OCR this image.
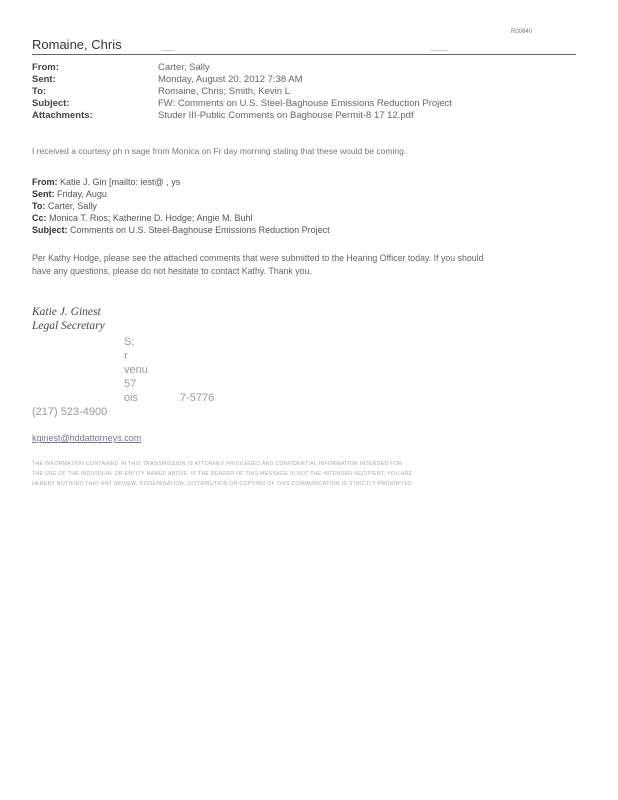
R00840
Romaine, Chris
From:	Carter, Sally
Sent:	Monday, August 20, 2012 7:38 AM
To:	Romaine, Chris; Smith, Kevin L
Subject:	FW: Comments on U.S. Steel-Baghouse Emissions Reduction Project
Attachments:	Studer III-Public Comments on Baghouse Permit-8 17 12.pdf
I received a courtesy ph n sage from Monica on Fr day morning stating that these would be coming.
From: Katie J. Gin [mailto: iest@ , ys
Sent: Friday, Augu
To: Carter, Sally
Cc: Monica T. Rios; Katherine D. Hodge; Angie M. Buhl
Subject: Comments on U.S. Steel-Baghouse Emissions Reduction Project
Per Kathy Hodge, please see the attached comments that were submitted to the Hearing Officer today. If you should
have any questions, please do not hesitate to contact Kathy. Thank you.
Katie J. Ginest
Legal Secretary
S;
r
venu
57
ois	7-5776
(217) 523-4900
kginest@hddattorneys.com
THE INFORMATION CONTAINED IN THIS TRANSMISSION IS ATTORNEY PRIVILEGED AND CONFIDENTIAL INFORMATION INTENDED FOR
THE USE OF THE INDIVIDUAL OR ENTITY NAMED ABOVE. IF THE READER OF THIS MESSAGE IS NOT THE INTENDED RECIPIENT, YOU ARE
HEREBY NOTIFIED THAT ANY REVIEW, DISSEMINATION, DISTRIBUTION OR COPYING OF THIS COMMUNICATION IS STRICTLY PROHIBITED.
